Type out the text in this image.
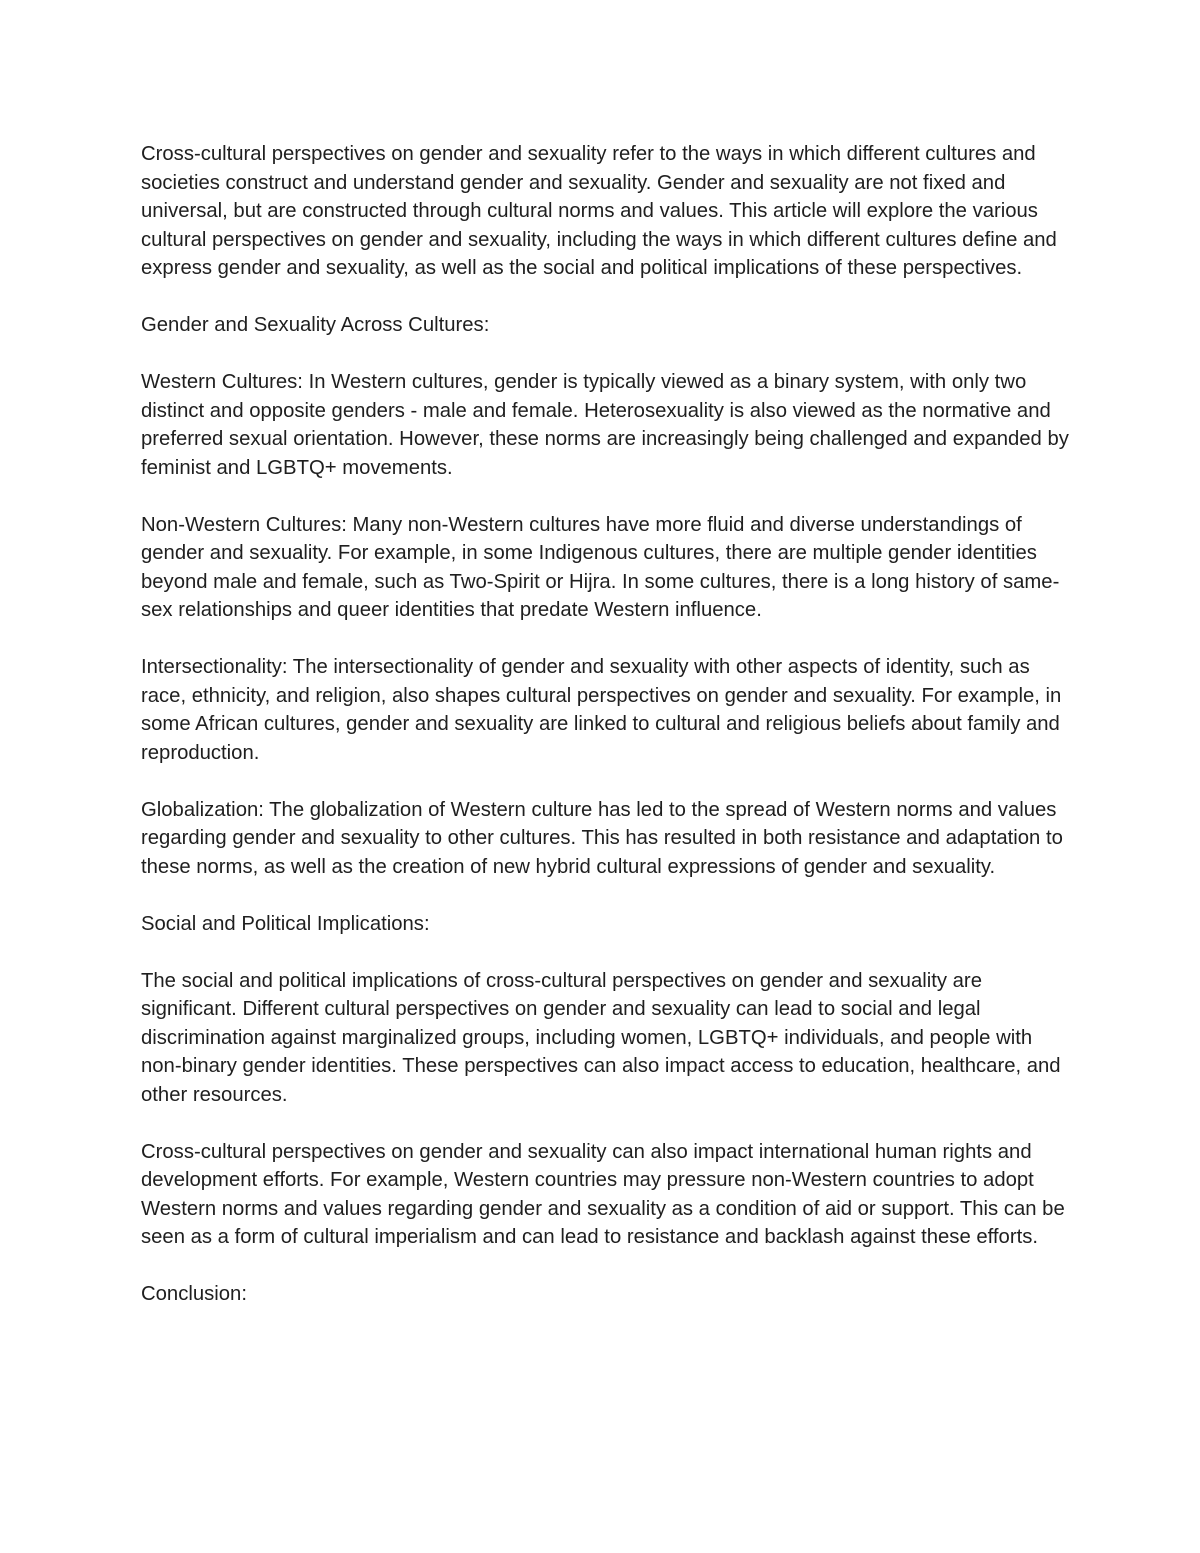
Cross-cultural perspectives on gender and sexuality refer to the ways in which different cultures and societies construct and understand gender and sexuality. Gender and sexuality are not fixed and universal, but are constructed through cultural norms and values. This article will explore the various cultural perspectives on gender and sexuality, including the ways in which different cultures define and express gender and sexuality, as well as the social and political implications of these perspectives.

Gender and Sexuality Across Cultures:

Western Cultures: In Western cultures, gender is typically viewed as a binary system, with only two distinct and opposite genders - male and female. Heterosexuality is also viewed as the normative and preferred sexual orientation. However, these norms are increasingly being challenged and expanded by feminist and LGBTQ+ movements.

Non-Western Cultures: Many non-Western cultures have more fluid and diverse understandings of gender and sexuality. For example, in some Indigenous cultures, there are multiple gender identities beyond male and female, such as Two-Spirit or Hijra. In some cultures, there is a long history of same-sex relationships and queer identities that predate Western influence.

Intersectionality: The intersectionality of gender and sexuality with other aspects of identity, such as race, ethnicity, and religion, also shapes cultural perspectives on gender and sexuality. For example, in some African cultures, gender and sexuality are linked to cultural and religious beliefs about family and reproduction.

Globalization: The globalization of Western culture has led to the spread of Western norms and values regarding gender and sexuality to other cultures. This has resulted in both resistance and adaptation to these norms, as well as the creation of new hybrid cultural expressions of gender and sexuality.

Social and Political Implications:

The social and political implications of cross-cultural perspectives on gender and sexuality are significant. Different cultural perspectives on gender and sexuality can lead to social and legal discrimination against marginalized groups, including women, LGBTQ+ individuals, and people with non-binary gender identities. These perspectives can also impact access to education, healthcare, and other resources.

Cross-cultural perspectives on gender and sexuality can also impact international human rights and development efforts. For example, Western countries may pressure non-Western countries to adopt Western norms and values regarding gender and sexuality as a condition of aid or support. This can be seen as a form of cultural imperialism and can lead to resistance and backlash against these efforts.

Conclusion:
